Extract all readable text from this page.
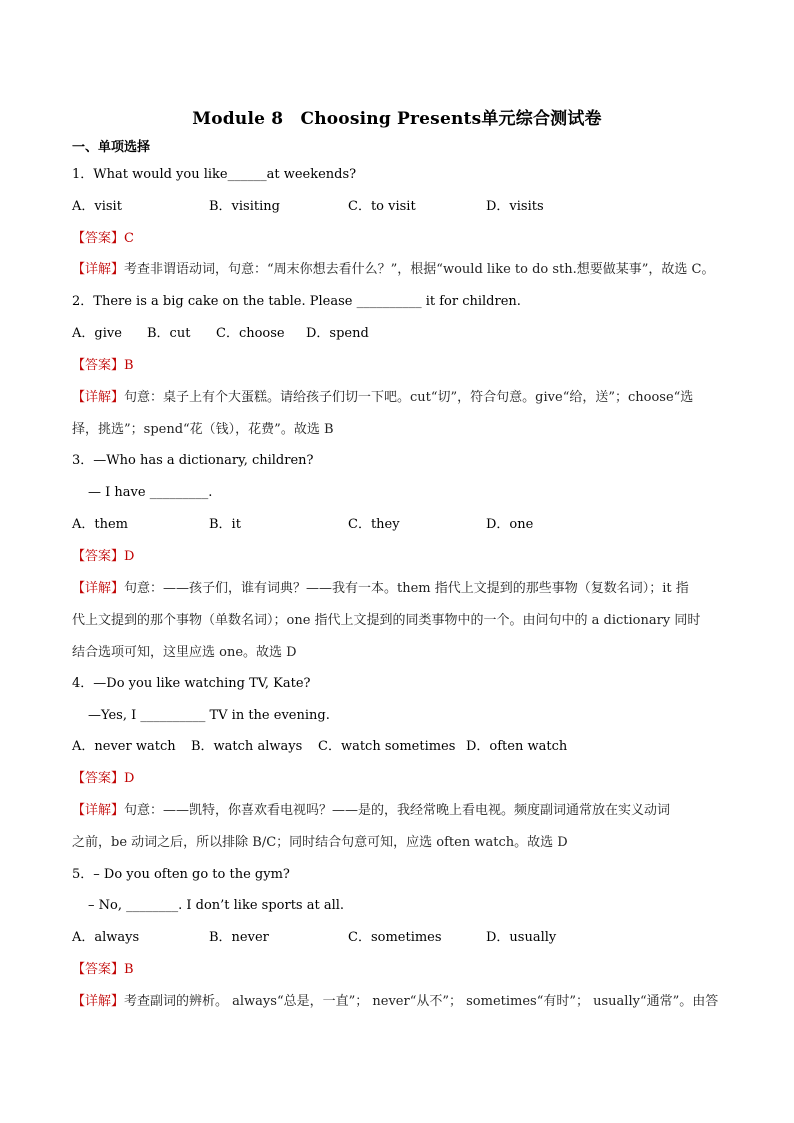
Module 8　Choosing Presents单元综合测试卷
一、单项选择
1．What would you like______at weekends?
A．visit	B．visiting	C．to visit	D．visits
【答案】C
【详解】考查非谓语动词，句意：“周末你想去看什么？”，根据“would like to do sth.想要做某事”，故选 C。
2．There is a big cake on the table. Please __________ it for children.
A．give B．cut C．choose D．spend
【答案】B
【详解】句意：桌子上有个大蛋糕。请给孩子们切一下吧。cut“切”，符合句意。give“给，送”；choose“选
择，挑选”；spend“花（钱），花费”。故选 B
3．—Who has a dictionary, children?
— I have _________.
A．them	B．it	C．they	D．one
【答案】D
【详解】句意：——孩子们，谁有词典？——我有一本。them 指代上文提到的那些事物（复数名词）；it 指
代上文提到的那个事物（单数名词）；one 指代上文提到的同类事物中的一个。由问句中的 a dictionary 同时
结合选项可知，这里应选 one。故选 D
4．—Do you like watching TV, Kate?
—Yes, I __________ TV in the evening.
A．never watch B．watch always C．watch sometimes D．often watch
【答案】D
【详解】句意：——凯特，你喜欢看电视吗？——是的，我经常晚上看电视。频度副词通常放在实义动词
之前，be 动词之后，所以排除 B/C；同时结合句意可知，应选 often watch。故选 D
5．– Do you often go to the gym?
– No, ________. I don’t like sports at all.
A．always	B．never	C．sometimes	D．usually
【答案】B
【详解】考查副词的辨析。 always“总是，一直”； never“从不”； sometimes“有时”； usually“通常”。由答
